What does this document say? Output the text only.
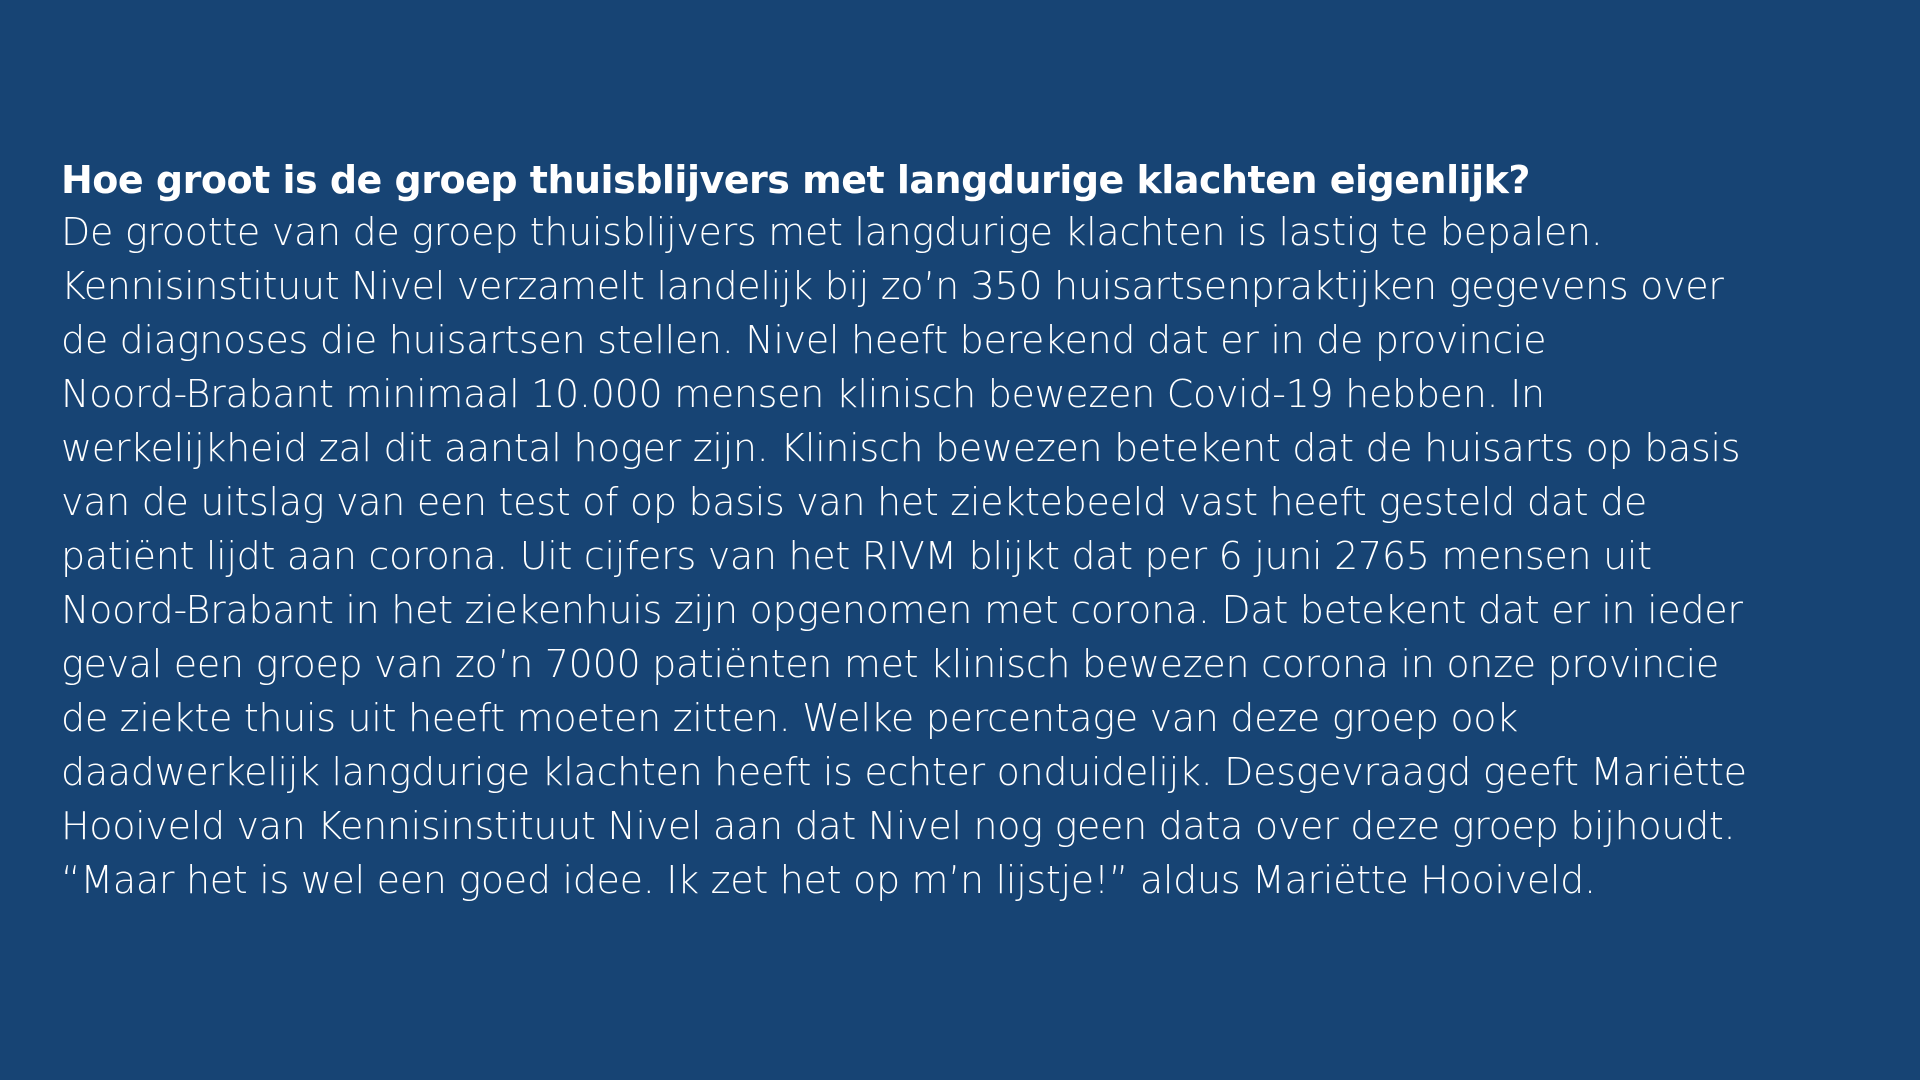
Hoe groot is de groep thuisblijvers met langdurige klachten eigenlijk?
De grootte van de groep thuisblijvers met langdurige klachten is lastig te bepalen.
Kennisinstituut Nivel verzamelt landelijk bij zo’n 350 huisartsenpraktijken gegevens over
de diagnoses die huisartsen stellen. Nivel heeft berekend dat er in de provincie
Noord-Brabant minimaal 10.000 mensen klinisch bewezen Covid-19 hebben. In
werkelijkheid zal dit aantal hoger zijn. Klinisch bewezen betekent dat de huisarts op basis
van de uitslag van een test of op basis van het ziektebeeld vast heeft gesteld dat de
patiënt lijdt aan corona. Uit cijfers van het RIVM blijkt dat per 6 juni 2765 mensen uit
Noord-Brabant in het ziekenhuis zijn opgenomen met corona. Dat betekent dat er in ieder
geval een groep van zo’n 7000 patiënten met klinisch bewezen corona in onze provincie
de ziekte thuis uit heeft moeten zitten. Welke percentage van deze groep ook
daadwerkelijk langdurige klachten heeft is echter onduidelijk. Desgevraagd geeft Mariëtte
Hooiveld van Kennisinstituut Nivel aan dat Nivel nog geen data over deze groep bijhoudt.
“Maar het is wel een goed idee. Ik zet het op m’n lijstje!” aldus Mariëtte Hooiveld.
